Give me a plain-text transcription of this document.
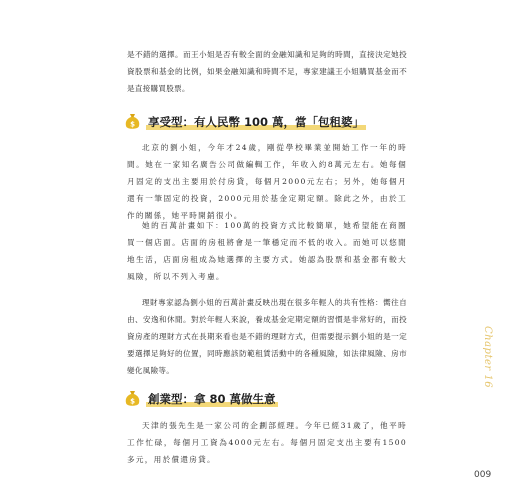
是不錯的選擇。而王小姐是否有較全面的金融知識和足夠的時間，直接決定她投資股票和基金的比例，如果金融知識和時間不足，專家建議王小姐購買基金而不是直接購買股票。

$ 享受型：有人民幣 100 萬，當「包租婆」

北京的劉小姐，今年才24歲，剛從學校畢業並開始工作一年的時間。她在一家知名廣告公司做編輯工作，年收入約8萬元左右。她每個月固定的支出主要用於付房貸，每個月2000元左右；另外，她每個月還有一筆固定的投資，2000元用於基金定期定額。除此之外，由於工作的關係，她平時開銷很小。

她的百萬計畫如下：100萬的投資方式比較簡單，她希望能在商圈買一個店面。店面的房租將會是一筆穩定而不低的收入。而她可以悠閒地生活，店面房租成為她選擇的主要方式。她認為股票和基金都有較大風險，所以不列入考慮。

理財專家認為劉小姐的百萬計畫反映出現在很多年輕人的共有性格：嚮往自由、安逸和休閒。對於年輕人來說，養成基金定期定額的習慣是非常好的，而投資房產的理財方式在長期來看也是不錯的理財方式，但需要提示劉小姐的是一定要選擇足夠好的位置，同時應該防範租賃活動中的各種風險，如法律風險、房市變化風險等。

$ 創業型：拿 80 萬做生意

天津的張先生是一家公司的企劃部經理。今年已經31歲了，他平時工作忙碌，每個月工資為4000元左右。每個月固定支出主要有1500多元，用於償還房貸。

Chapter 16
009
